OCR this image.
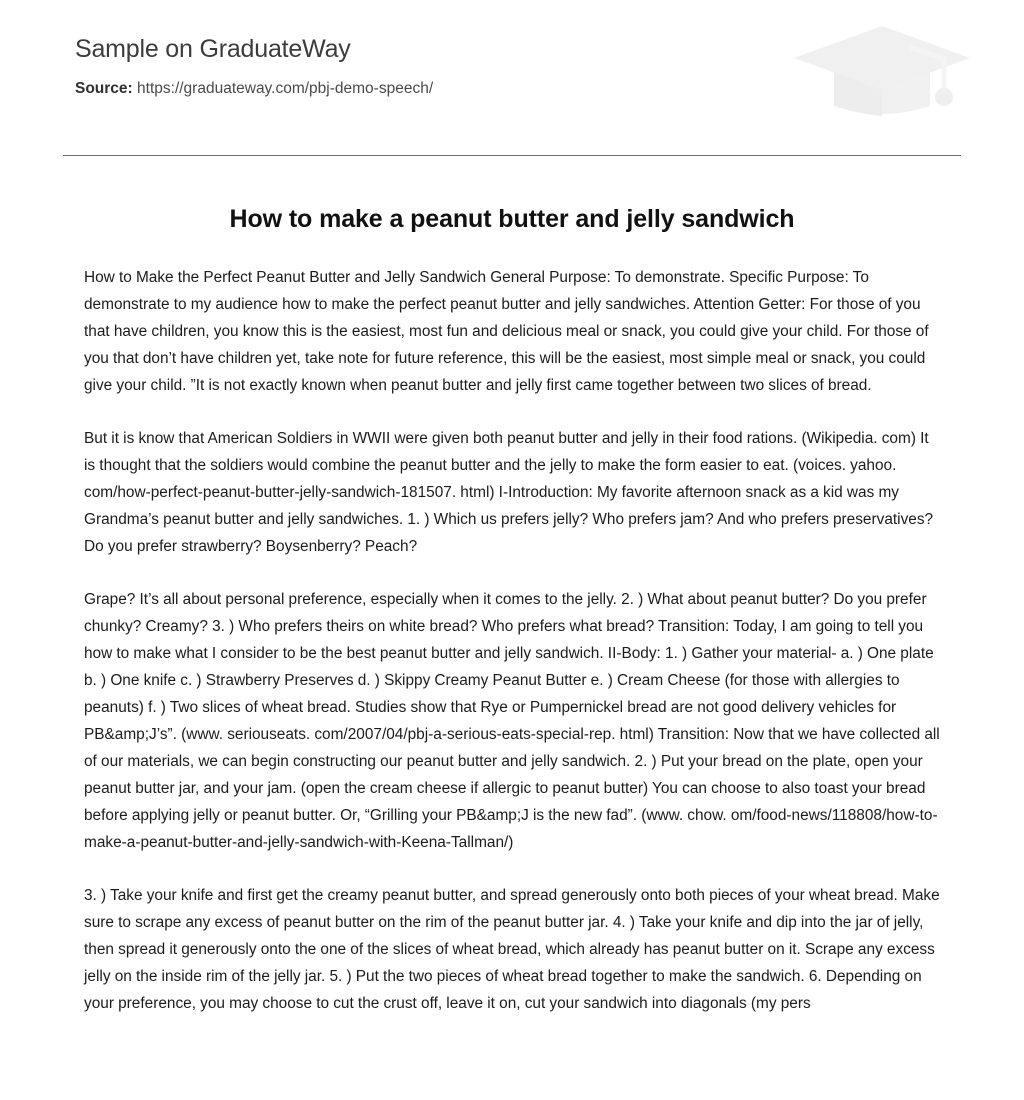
Sample on GraduateWay
Source: https://graduateway.com/pbj-demo-speech/
How to make a peanut butter and jelly sandwich

How to Make the Perfect Peanut Butter and Jelly Sandwich General Purpose: To demonstrate. Specific Purpose: To demonstrate to my audience how to make the perfect peanut butter and jelly sandwiches. Attention Getter: For those of you that have children, you know this is the easiest, most fun and delicious meal or snack, you could give your child. For those of you that don’t have children yet, take note for future reference, this will be the easiest, most simple meal or snack, you could give your child. ”It is not exactly known when peanut butter and jelly first came together between two slices of bread.

But it is know that American Soldiers in WWII were given both peanut butter and jelly in their food rations. (Wikipedia. com) It is thought that the soldiers would combine the peanut butter and the jelly to make the form easier to eat. (voices. yahoo. com/how-perfect-peanut-butter-jelly-sandwich-181507. html) I-Introduction: My favorite afternoon snack as a kid was my Grandma’s peanut butter and jelly sandwiches. 1. ) Which us prefers jelly? Who prefers jam? And who prefers preservatives? Do you prefer strawberry? Boysenberry? Peach?

Grape? It’s all about personal preference, especially when it comes to the jelly. 2. ) What about peanut butter? Do you prefer chunky? Creamy? 3. ) Who prefers theirs on white bread? Who prefers what bread? Transition: Today, I am going to tell you how to make what I consider to be the best peanut butter and jelly sandwich. II-Body: 1. ) Gather your material- a. ) One plate b. ) One knife c. ) Strawberry Preserves d. ) Skippy Creamy Peanut Butter e. ) Cream Cheese (for those with allergies to peanuts) f. ) Two slices of wheat bread. Studies show that Rye or Pumpernickel bread are not good delivery vehicles for PB&amp;J’s”. (www. seriouseats. com/2007/04/pbj-a-serious-eats-special-rep. html) Transition: Now that we have collected all of our materials, we can begin constructing our peanut butter and jelly sandwich. 2. ) Put your bread on the plate, open your peanut butter jar, and your jam. (open the cream cheese if allergic to peanut butter) You can choose to also toast your bread before applying jelly or peanut butter. Or, “Grilling your PB&amp;J is the new fad”. (www. chow. om/food-news/118808/how-to-make-a-peanut-butter-and-jelly-sandwich-with-Keena-Tallman/)

3. ) Take your knife and first get the creamy peanut butter, and spread generously onto both pieces of your wheat bread. Make sure to scrape any excess of peanut butter on the rim of the peanut butter jar. 4. ) Take your knife and dip into the jar of jelly, then spread it generously onto the one of the slices of wheat bread, which already has peanut butter on it. Scrape any excess jelly on the inside rim of the jelly jar. 5. ) Put the two pieces of wheat bread together to make the sandwich. 6. Depending on your preference, you may choose to cut the crust off, leave it on, cut your sandwich into diagonals (my pers
